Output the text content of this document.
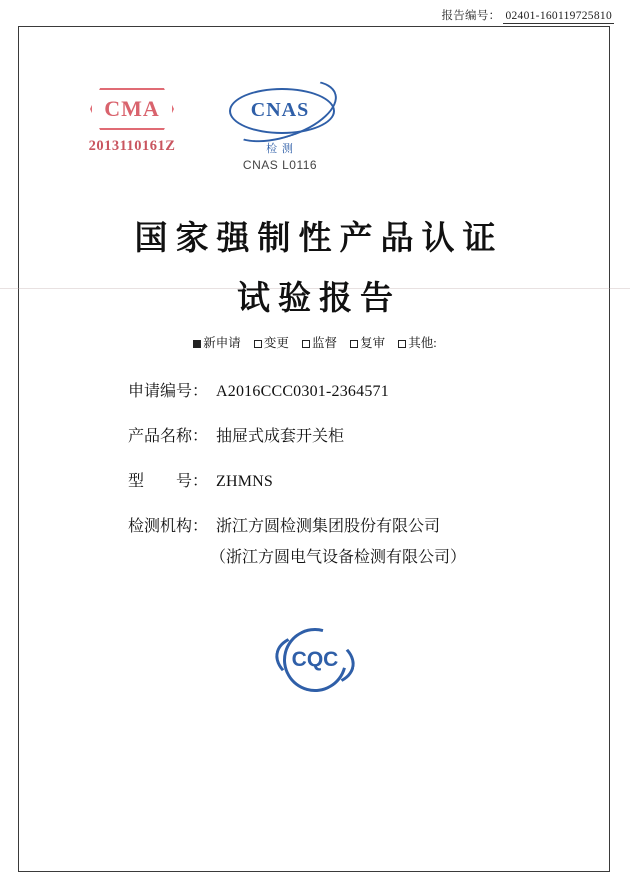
报告编号： 02401-160119725810
CMA
2013110161Z
CNAS
检 测
CNAS L0116
国家强制性产品认证
试验报告
新申请 变更 监督 复审 其他:
申请编号： A2016CCC0301-2364571
产品名称： 抽屉式成套开关柜
型　　号： ZHMNS
检测机构： 浙江方圆检测集团股份有限公司
（浙江方圆电气设备检测有限公司）
CQC
